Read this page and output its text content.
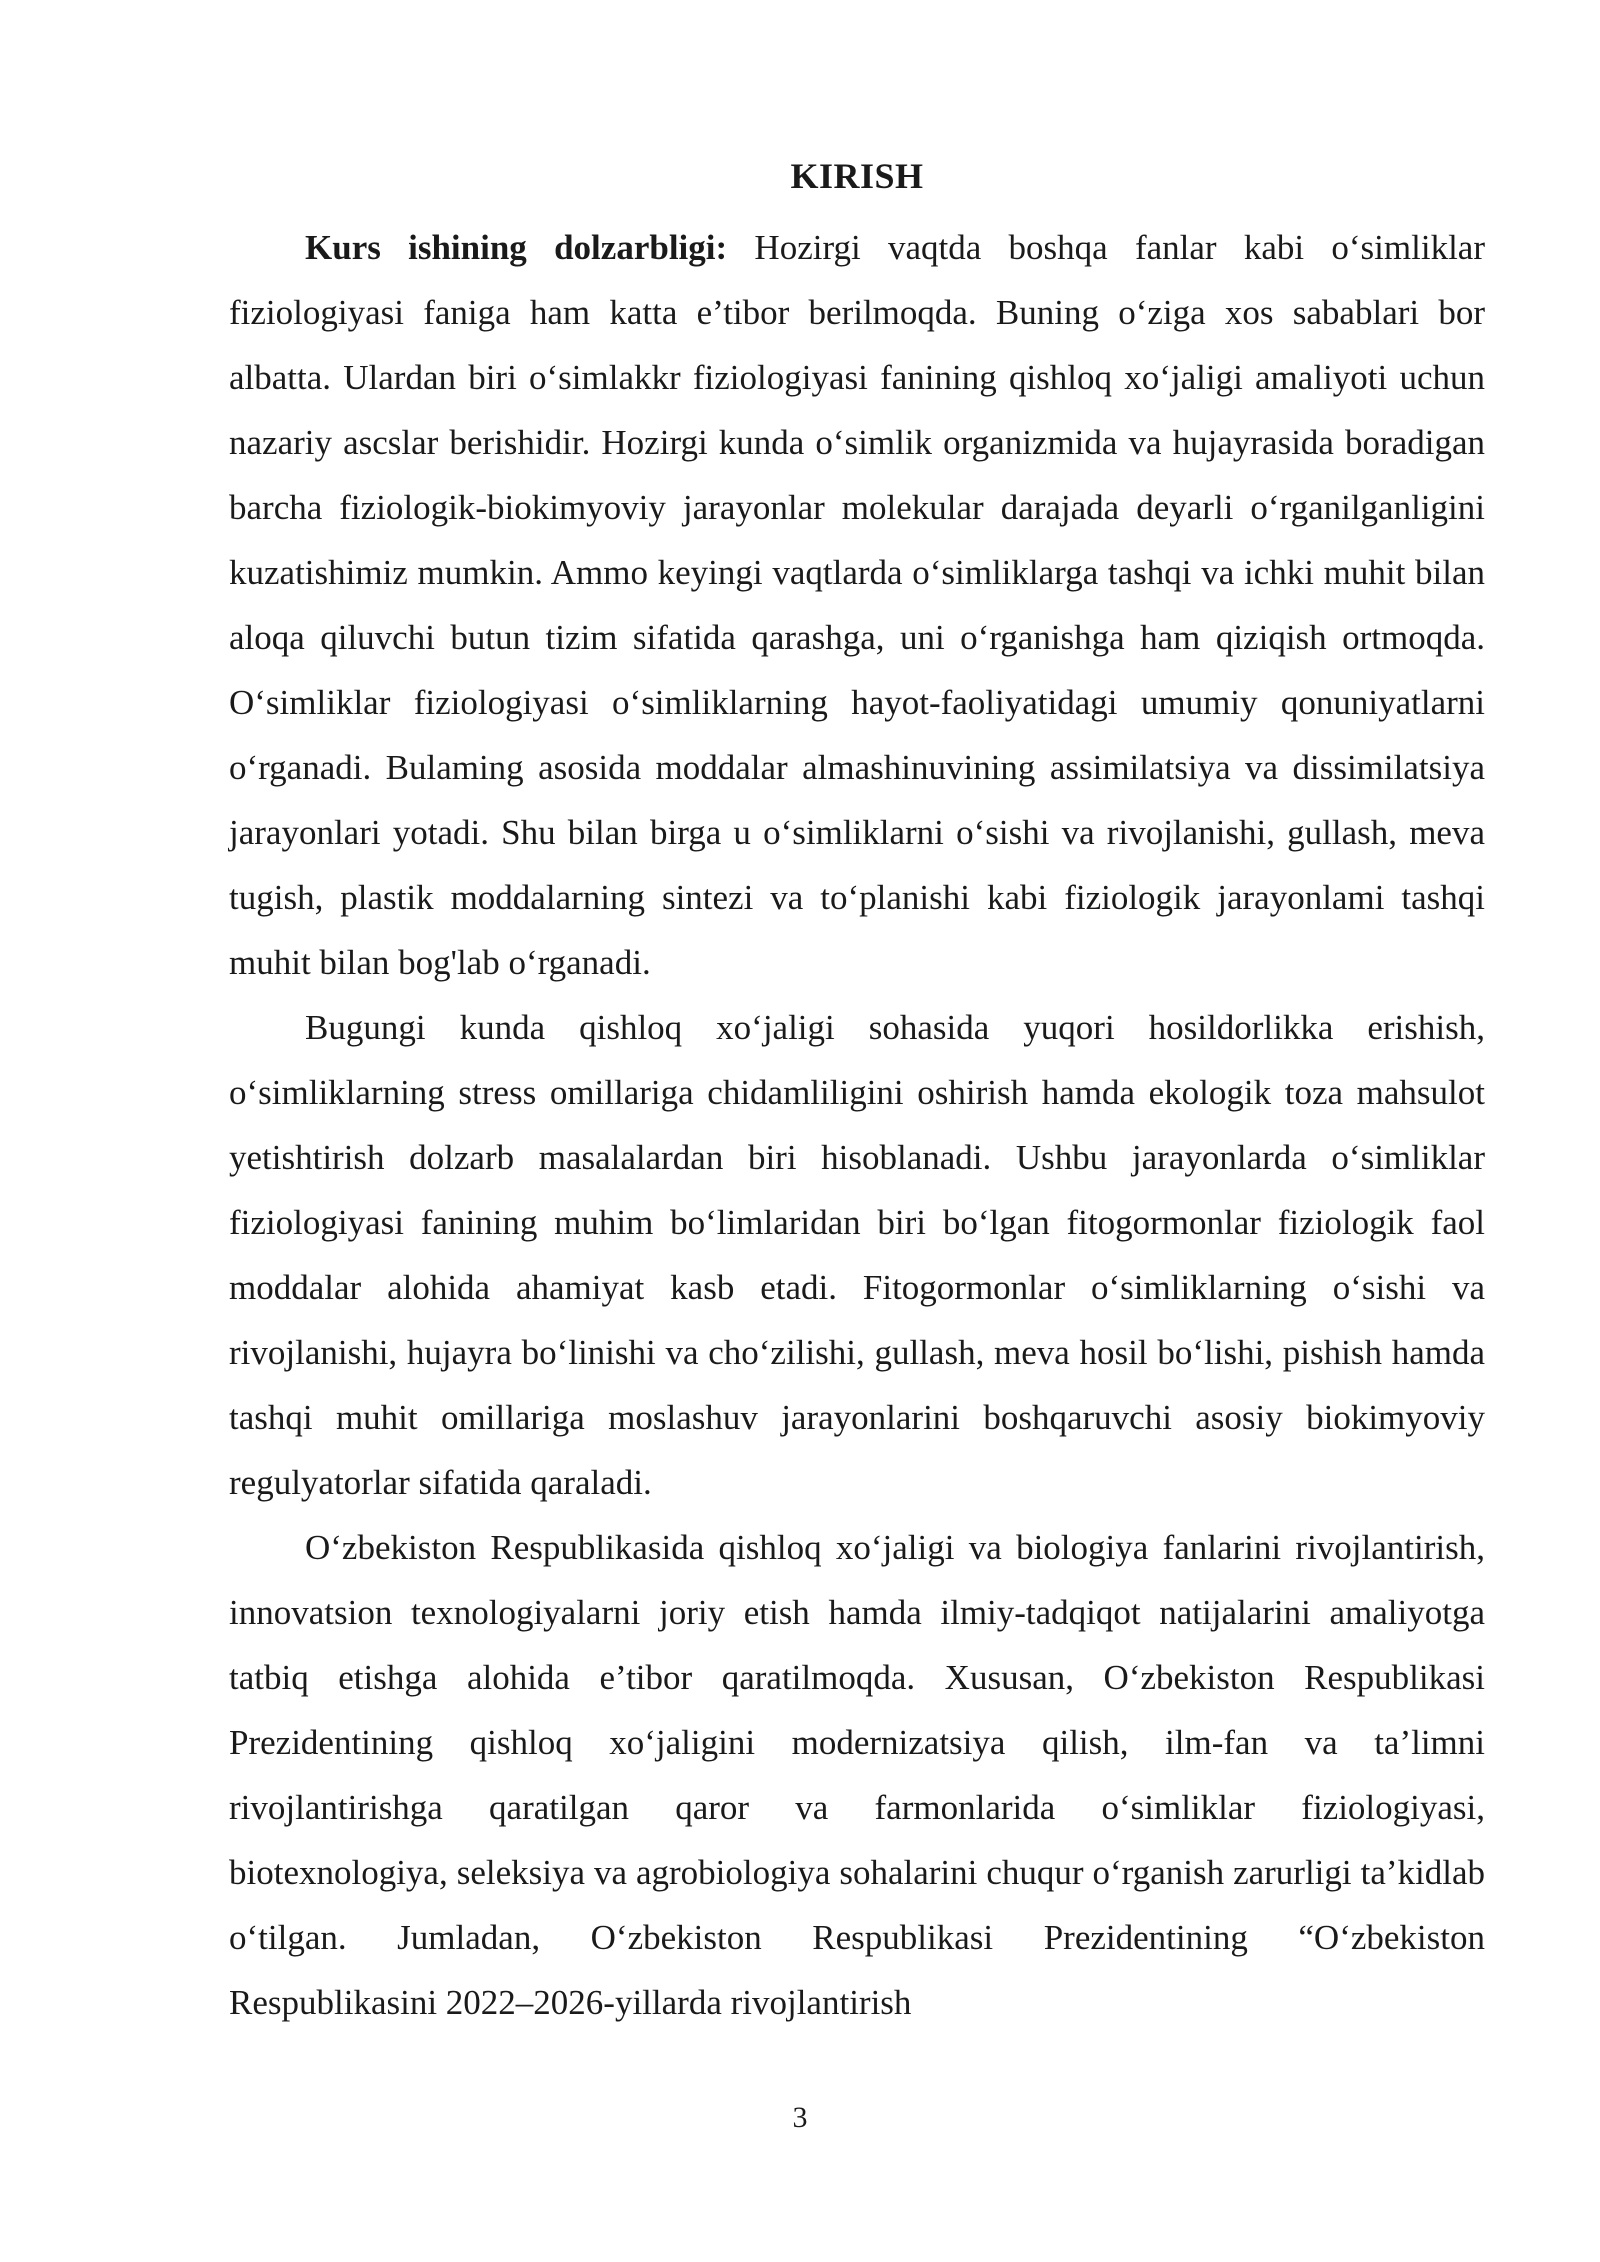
KIRISH

Kurs ishining dolzarbligi: Hozirgi vaqtda boshqa fanlar kabi o‘simliklar fiziologiyasi faniga ham katta e’tibor berilmoqda. Buning o‘ziga xos sabablari bor albatta. Ulardan biri o‘simlakkr fiziologiyasi fanining qishloq xo‘jaligi amaliyoti uchun nazariy ascslar berishidir. Hozirgi kunda o‘simlik organizmida va hujayrasida boradigan barcha fiziologik-biokimyoviy jarayonlar molekular darajada deyarli o‘rganilganligini kuzatishimiz mumkin. Ammo keyingi vaqtlarda o‘simliklarga tashqi va ichki muhit bilan aloqa qiluvchi butun tizim sifatida qarashga, uni o‘rganishga ham qiziqish ortmoqda. O‘simliklar fiziologiyasi o‘simliklarning hayot-faoliyatidagi umumiy qonuniyatlarni o‘rganadi. Bulaming asosida moddalar almashinuvining assimilatsiya va dissimilatsiya jarayonlari yotadi. Shu bilan birga u o‘simliklarni o‘sishi va rivojlanishi, gullash, meva tugish, plastik moddalarning sintezi va to‘planishi kabi fiziologik jarayonlami tashqi muhit bilan bog'lab o‘rganadi.

Bugungi kunda qishloq xo‘jaligi sohasida yuqori hosildorlikka erishish, o‘simliklarning stress omillariga chidamliligini oshirish hamda ekologik toza mahsulot yetishtirish dolzarb masalalardan biri hisoblanadi. Ushbu jarayonlarda o‘simliklar fiziologiyasi fanining muhim bo‘limlaridan biri bo‘lgan fitogormonlar fiziologik faol moddalar alohida ahamiyat kasb etadi. Fitogormonlar o‘simliklarning o‘sishi va rivojlanishi, hujayra bo‘linishi va cho‘zilishi, gullash, meva hosil bo‘lishi, pishish hamda tashqi muhit omillariga moslashuv jarayonlarini boshqaruvchi asosiy biokimyoviy regulyatorlar sifatida qaraladi.

O‘zbekiston Respublikasida qishloq xo‘jaligi va biologiya fanlarini rivojlantirish, innovatsion texnologiyalarni joriy etish hamda ilmiy-tadqiqot natijalarini amaliyotga tatbiq etishga alohida e’tibor qaratilmoqda. Xususan, O‘zbekiston Respublikasi Prezidentining qishloq xo‘jaligini modernizatsiya qilish, ilm-fan va ta’limni rivojlantirishga qaratilgan qaror va farmonlarida o‘simliklar fiziologiyasi, biotexnologiya, seleksiya va agrobiologiya sohalarini chuqur o‘rganish zarurligi ta’kidlab o‘tilgan. Jumladan, O‘zbekiston Respublikasi Prezidentining “O‘zbekiston Respublikasini 2022–2026-yillarda rivojlantirish

3
